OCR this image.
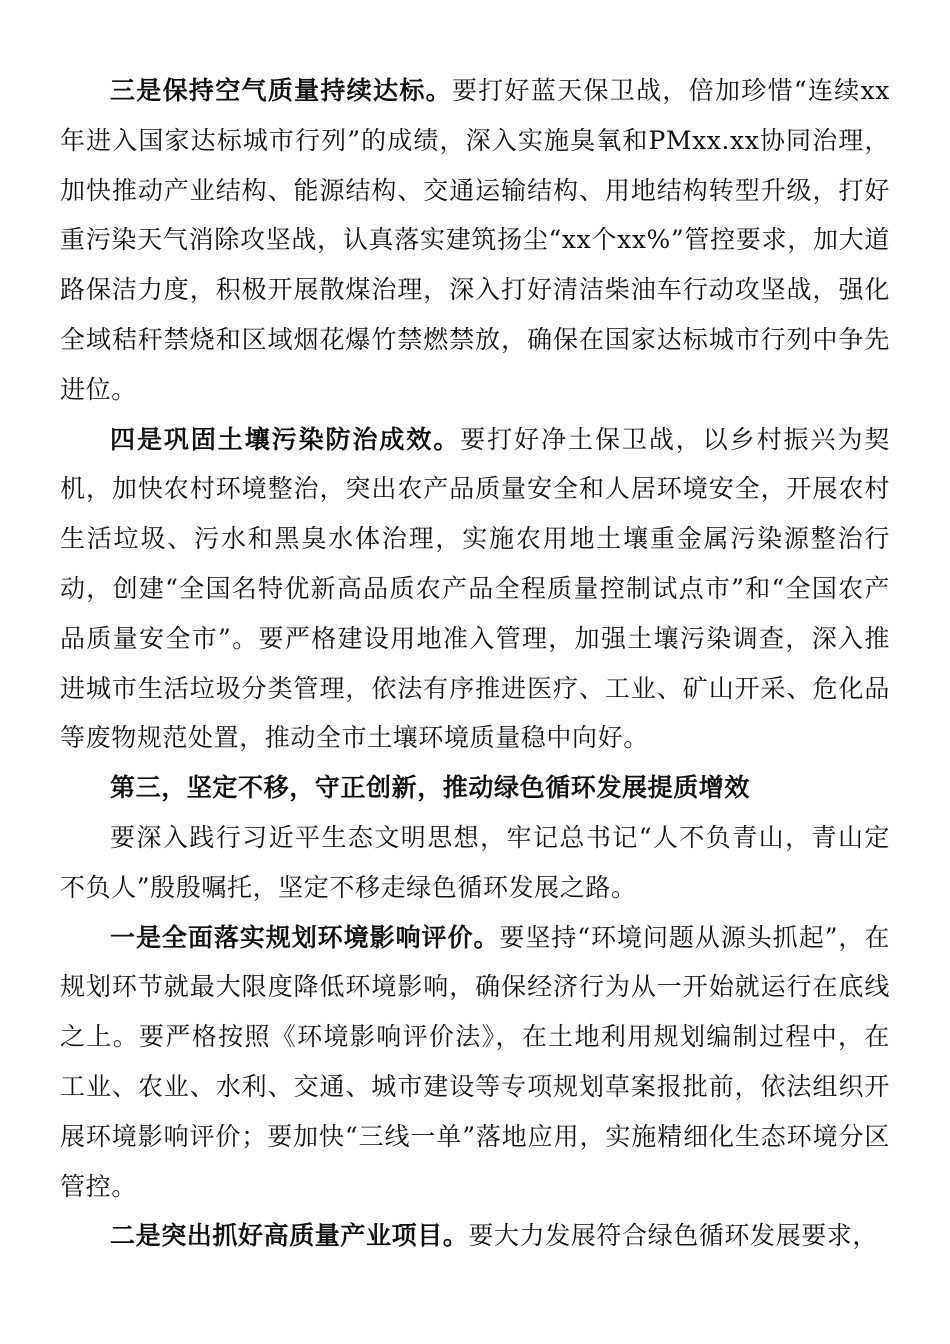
三是保持空气质量持续达标。要打好蓝天保卫战，倍加珍惜“连续xx年进入国家达标城市行列”的成绩，深入实施臭氧和PMxx.xx协同治理，加快推动产业结构、能源结构、交通运输结构、用地结构转型升级，打好重污染天气消除攻坚战，认真落实建筑扬尘“xx个xx%”管控要求，加大道路保洁力度，积极开展散煤治理，深入打好清洁柴油车行动攻坚战，强化全域秸秆禁烧和区域烟花爆竹禁燃禁放，确保在国家达标城市行列中争先进位。

四是巩固土壤污染防治成效。要打好净土保卫战，以乡村振兴为契机，加快农村环境整治，突出农产品质量安全和人居环境安全，开展农村生活垃圾、污水和黑臭水体治理，实施农用地土壤重金属污染源整治行动，创建“全国名特优新高品质农产品全程质量控制试点市”和“全国农产品质量安全市”。要严格建设用地准入管理，加强土壤污染调查，深入推进城市生活垃圾分类管理，依法有序推进医疗、工业、矿山开采、危化品等废物规范处置，推动全市土壤环境质量稳中向好。

第三，坚定不移，守正创新，推动绿色循环发展提质增效

要深入践行习近平生态文明思想，牢记总书记“人不负青山，青山定不负人”殷殷嘱托，坚定不移走绿色循环发展之路。

一是全面落实规划环境影响评价。要坚持“环境问题从源头抓起”，在规划环节就最大限度降低环境影响，确保经济行为从一开始就运行在底线之上。要严格按照《环境影响评价法》，在土地利用规划编制过程中，在工业、农业、水利、交通、城市建设等专项规划草案报批前，依法组织开展环境影响评价；要加快“三线一单”落地应用，实施精细化生态环境分区管控。

二是突出抓好高质量产业项目。要大力发展符合绿色循环发展要求，
